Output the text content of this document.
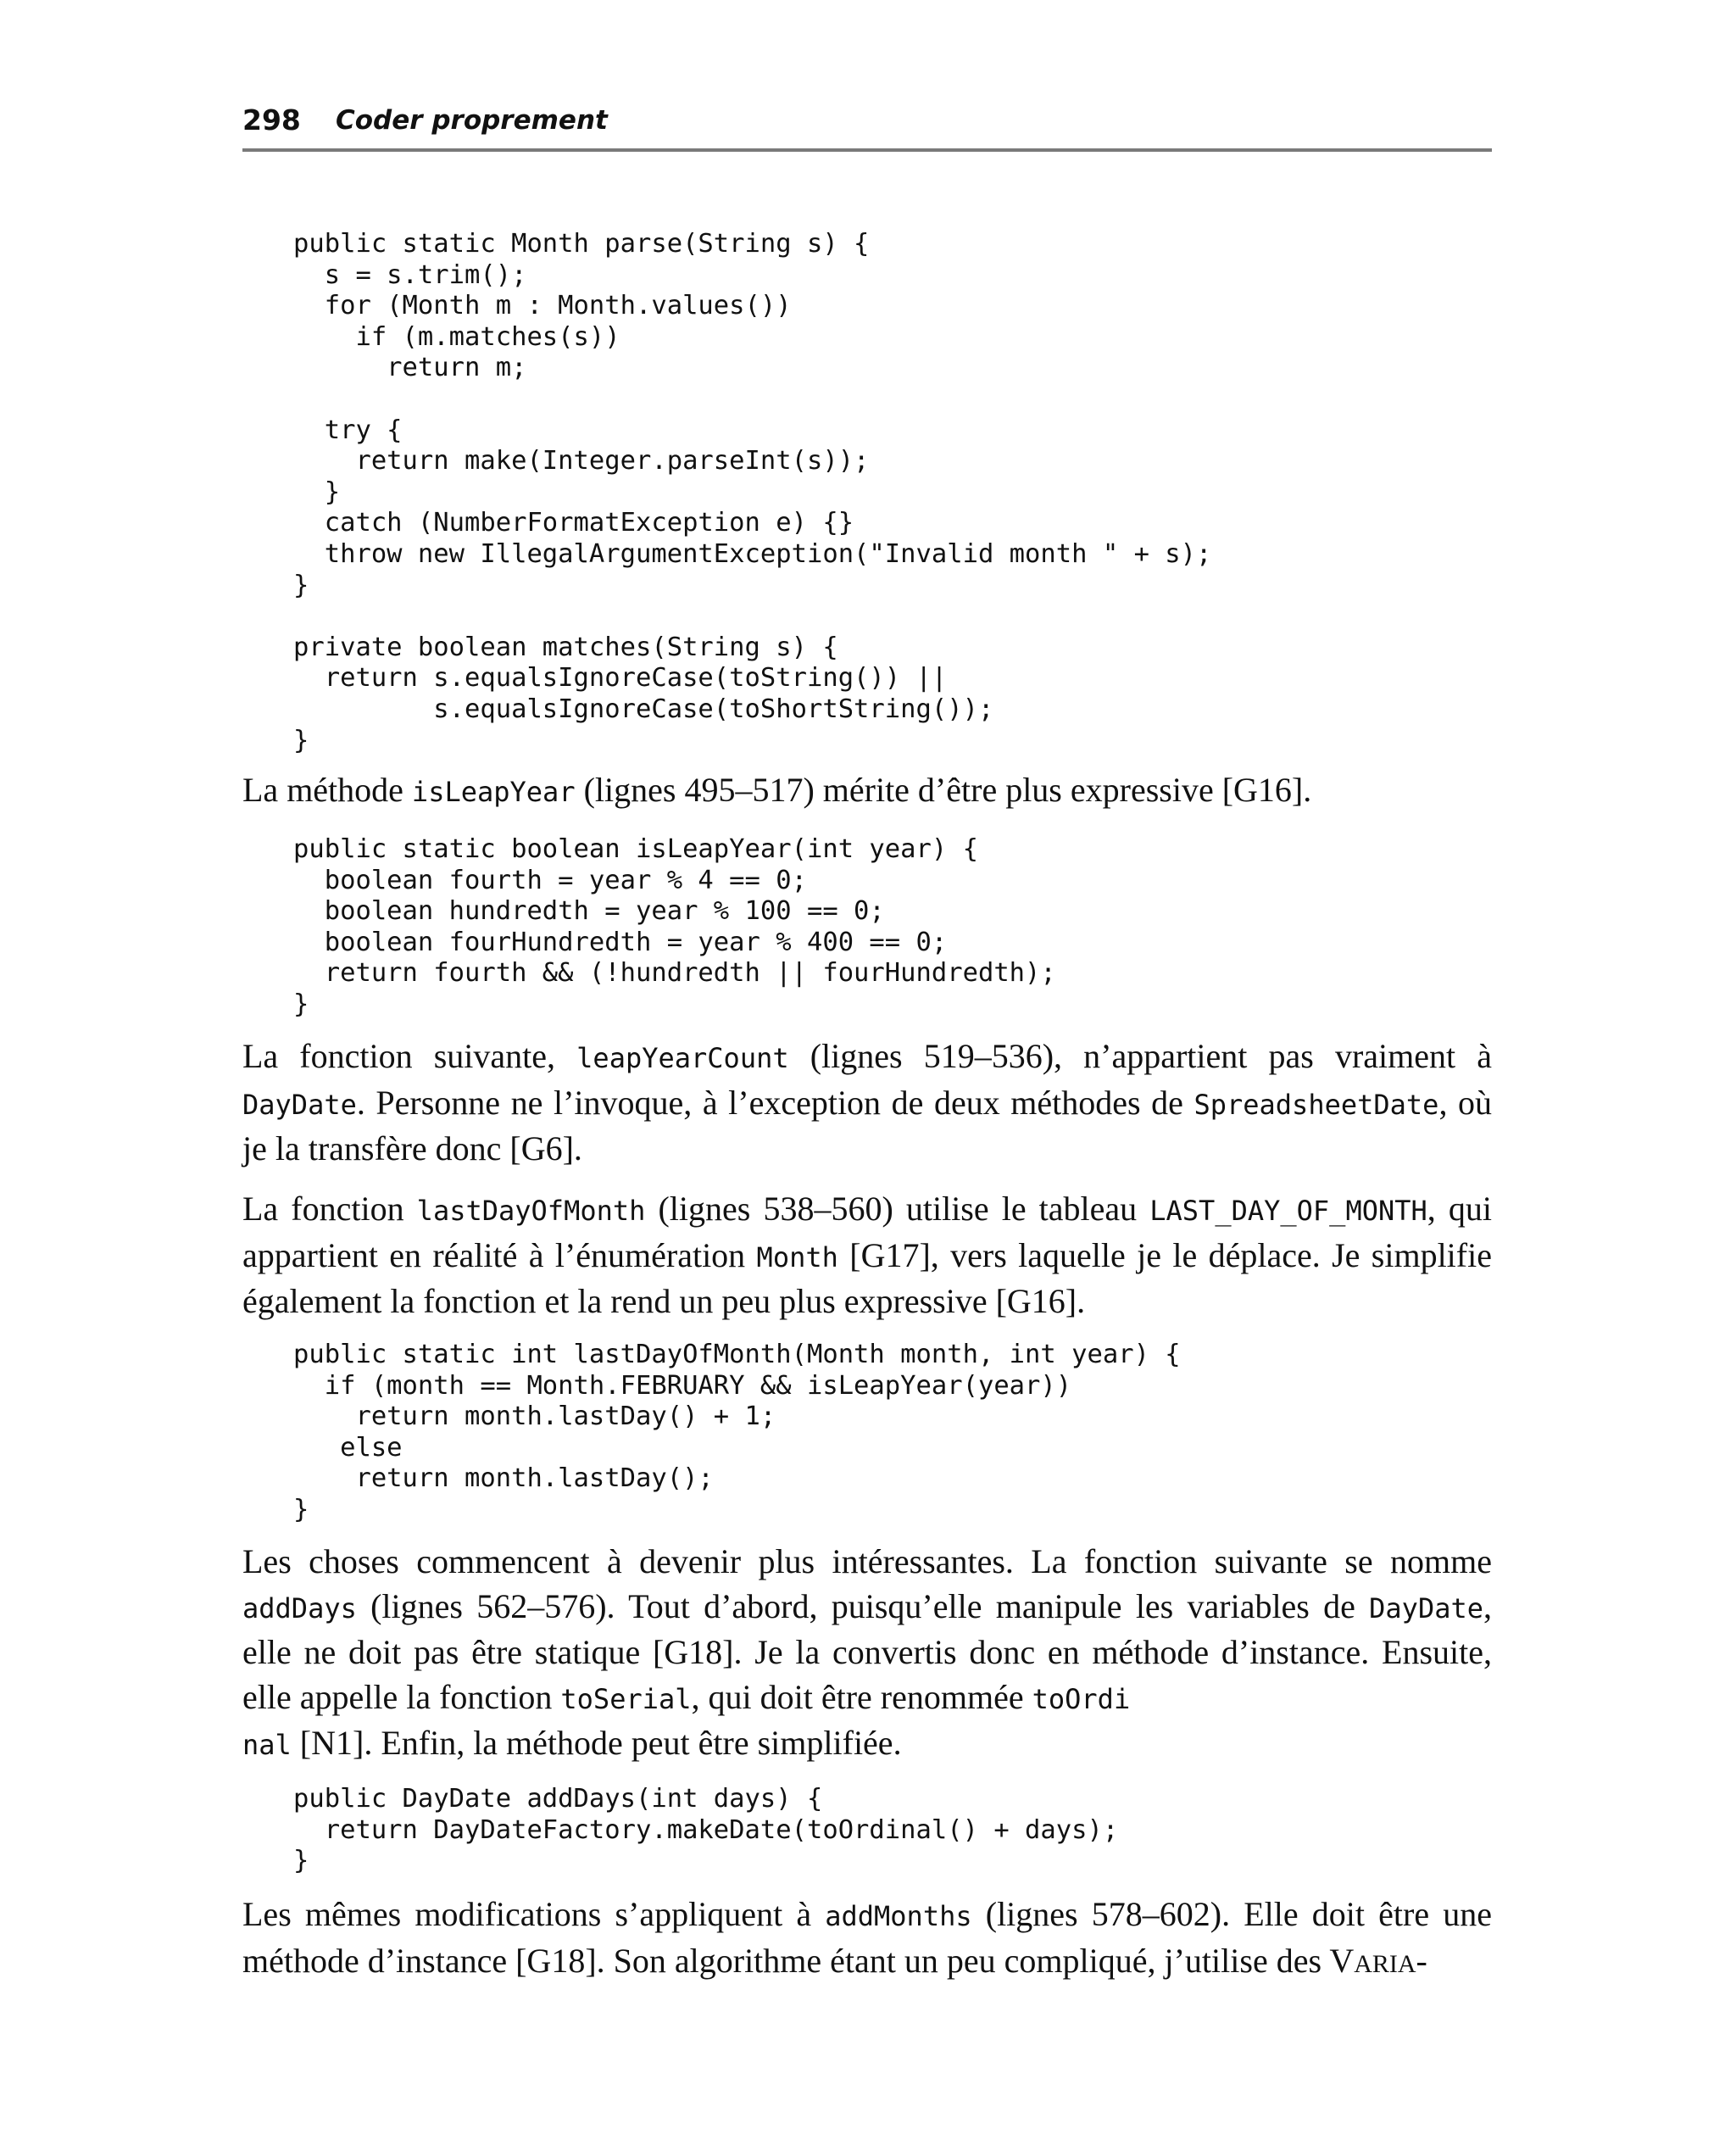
298 Coder proprement
public static Month parse(String s) {
s = s.trim();
for (Month m : Month.values())
if (m.matches(s))
return m;

try {
return make(Integer.parseInt(s));
}
catch (NumberFormatException e) {}
throw new IllegalArgumentException("Invalid month " + s);
}

private boolean matches(String s) {
return s.equalsIgnoreCase(toString()) ||
s.equalsIgnoreCase(toShortString());
}

La méthode isLeapYear (lignes 495–517) mérite d’être plus expressive [G16].

public static boolean isLeapYear(int year) {
boolean fourth = year % 4 == 0;
boolean hundredth = year % 100 == 0;
boolean fourHundredth = year % 400 == 0;
return fourth && (!hundredth || fourHundredth);
}

La fonction suivante, leapYearCount (lignes 519–536), n’appartient pas vraiment à DayDate. Personne ne l’invoque, à l’exception de deux méthodes de SpreadsheetDate, où je la transfère donc [G6].

La fonction lastDayOfMonth (lignes 538–560) utilise le tableau LAST_DAY_OF_MONTH, qui appartient en réalité à l’énumération Month [G17], vers laquelle je le déplace. Je simplifie également la fonction et la rend un peu plus expressive [G16].

public static int lastDayOfMonth(Month month, int year) {
if (month == Month.FEBRUARY && isLeapYear(year))
return month.lastDay() + 1;
else
return month.lastDay();
}

Les choses commencent à devenir plus intéressantes. La fonction suivante se nomme addDays (lignes 562–576). Tout d’abord, puisqu’elle manipule les variables de DayDate, elle ne doit pas être statique [G18]. Je la convertis donc en méthode d’instance. Ensuite, elle appelle la fonction toSerial, qui doit être renommée toOrdi
nal [N1]. Enfin, la méthode peut être simplifiée.

public DayDate addDays(int days) {
return DayDateFactory.makeDate(toOrdinal() + days);
}

Les mêmes modifications s’appliquent à addMonths (lignes 578–602). Elle doit être une méthode d’instance [G18]. Son algorithme étant un peu compliqué, j’utilise des VARIA-
